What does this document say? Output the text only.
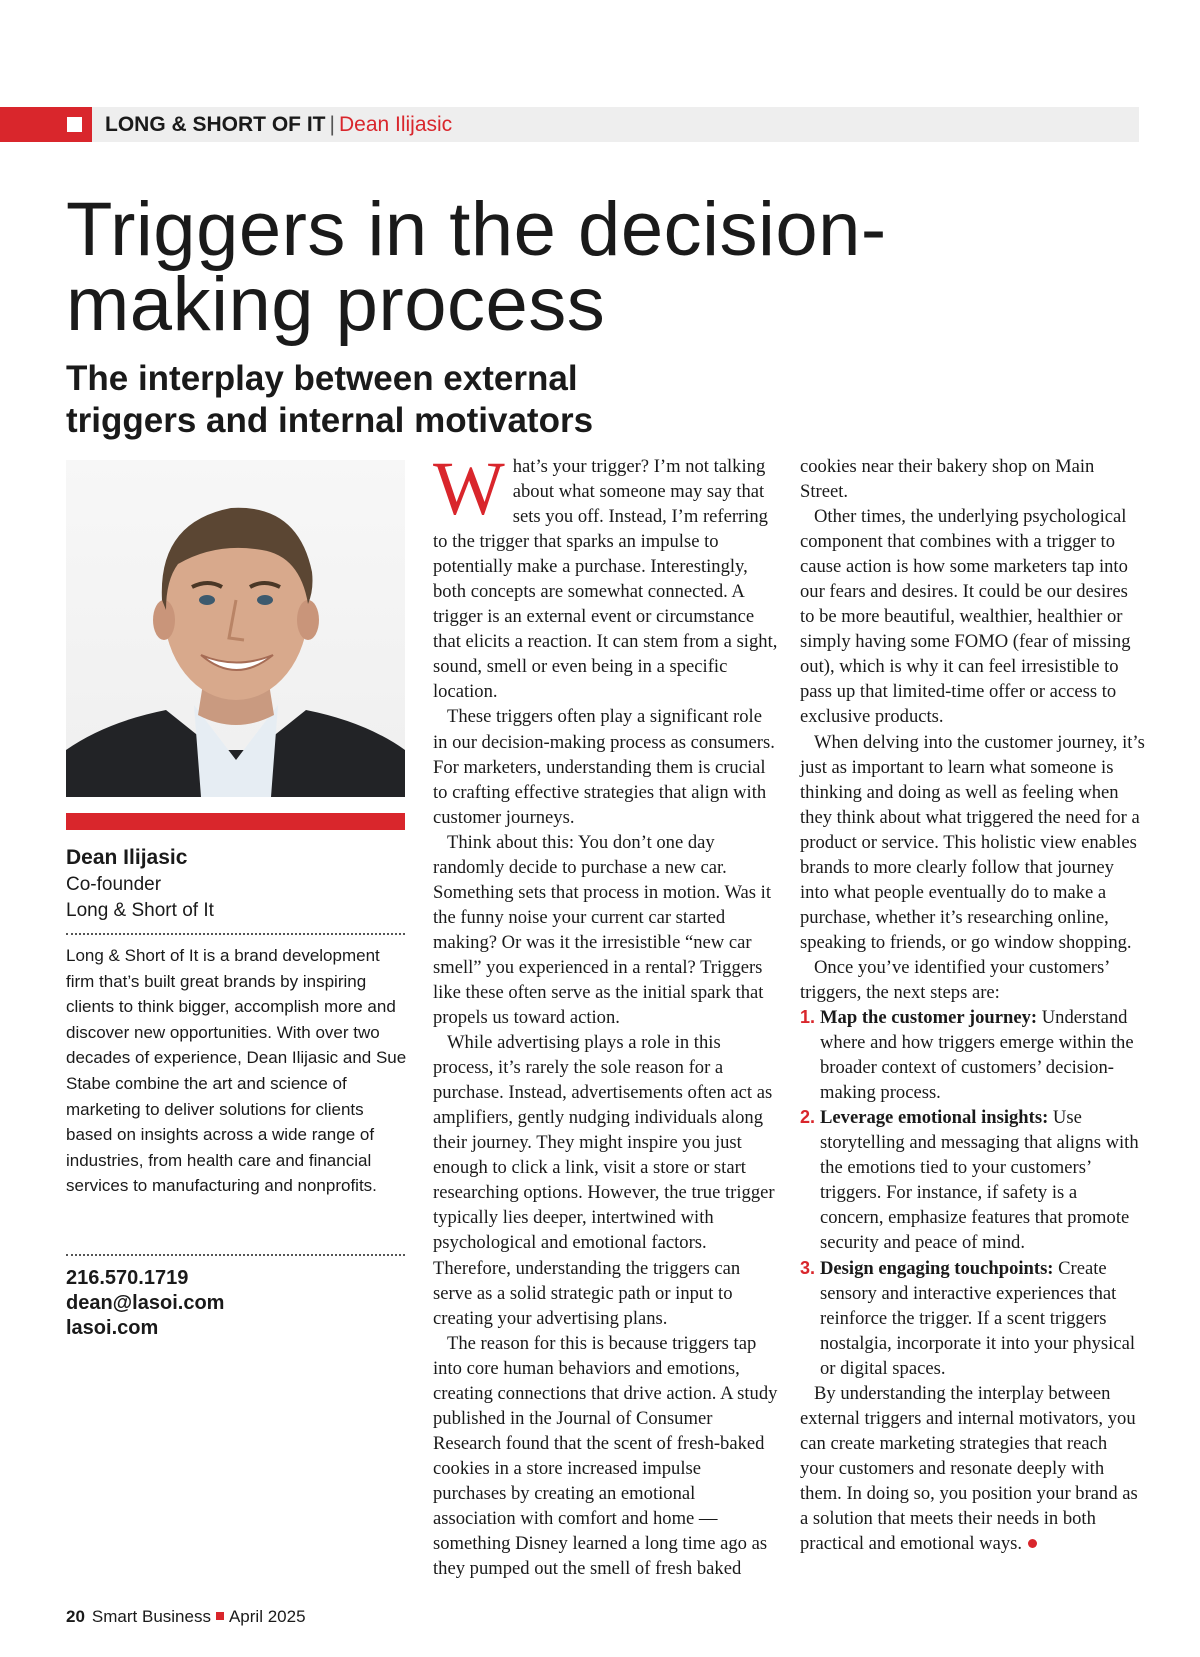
LONG & SHORT OF IT | Dean Ilijasic
Triggers in the decision-making process
The interplay between external triggers and internal motivators
Dean Ilijasic
Co-founder
Long & Short of It

Long & Short of It is a brand development firm that’s built great brands by inspiring clients to think bigger, accomplish more and discover new opportunities. With over two decades of experience, Dean Ilijasic and Sue Stabe combine the art and science of marketing to deliver solutions for clients based on insights across a wide range of industries, from health care and financial services to manufacturing and nonprofits.

216.570.1719
dean@lasoi.com
lasoi.com

What’s your trigger? I’m not talking about what someone may say that sets you off. Instead, I’m referring to the trigger that sparks an impulse to potentially make a purchase. Interestingly, both concepts are somewhat connected. A trigger is an external event or circumstance that elicits a reaction. It can stem from a sight, sound, smell or even being in a specific location.

These triggers often play a significant role in our decision-making process as consumers. For marketers, understanding them is crucial to crafting effective strategies that align with customer journeys.

Think about this: You don’t one day randomly decide to purchase a new car. Something sets that process in motion. Was it the funny noise your current car started making? Or was it the irresistible “new car smell” you experienced in a rental? Triggers like these often serve as the initial spark that propels us toward action.

While advertising plays a role in this process, it’s rarely the sole reason for a purchase. Instead, advertisements often act as amplifiers, gently nudging individuals along their journey. They might inspire you just enough to click a link, visit a store or start researching options. However, the true trigger typically lies deeper, intertwined with psychological and emotional factors. Therefore, understanding the triggers can serve as a solid strategic path or input to creating your advertising plans.

The reason for this is because triggers tap into core human behaviors and emotions, creating connections that drive action. A study published in the Journal of Consumer Research found that the scent of fresh-baked cookies in a store increased impulse purchases by creating an emotional association with comfort and home — something Disney learned a long time ago as they pumped out the smell of fresh baked

cookies near their bakery shop on Main Street.

Other times, the underlying psychological component that combines with a trigger to cause action is how some marketers tap into our fears and desires. It could be our desires to be more beautiful, wealthier, healthier or simply having some FOMO (fear of missing out), which is why it can feel irresistible to pass up that limited-time offer or access to exclusive products.

When delving into the customer journey, it’s just as important to learn what someone is thinking and doing as well as feeling when they think about what triggered the need for a product or service. This holistic view enables brands to more clearly follow that journey into what people eventually do to make a purchase, whether it’s researching online, speaking to friends, or go window shopping.

Once you’ve identified your customers’ triggers, the next steps are:

1. Map the customer journey: Understand where and how triggers emerge within the broader context of customers’ decision-making process.
2. Leverage emotional insights: Use storytelling and messaging that aligns with the emotions tied to your customers’ triggers. For instance, if safety is a concern, emphasize features that promote security and peace of mind.
3. Design engaging touchpoints: Create sensory and interactive experiences that reinforce the trigger. If a scent triggers nostalgia, incorporate it into your physical or digital spaces.

By understanding the interplay between external triggers and internal motivators, you can create marketing strategies that reach your customers and resonate deeply with them. In doing so, you position your brand as a solution that meets their needs in both practical and emotional ways.

20 Smart Business April 2025
